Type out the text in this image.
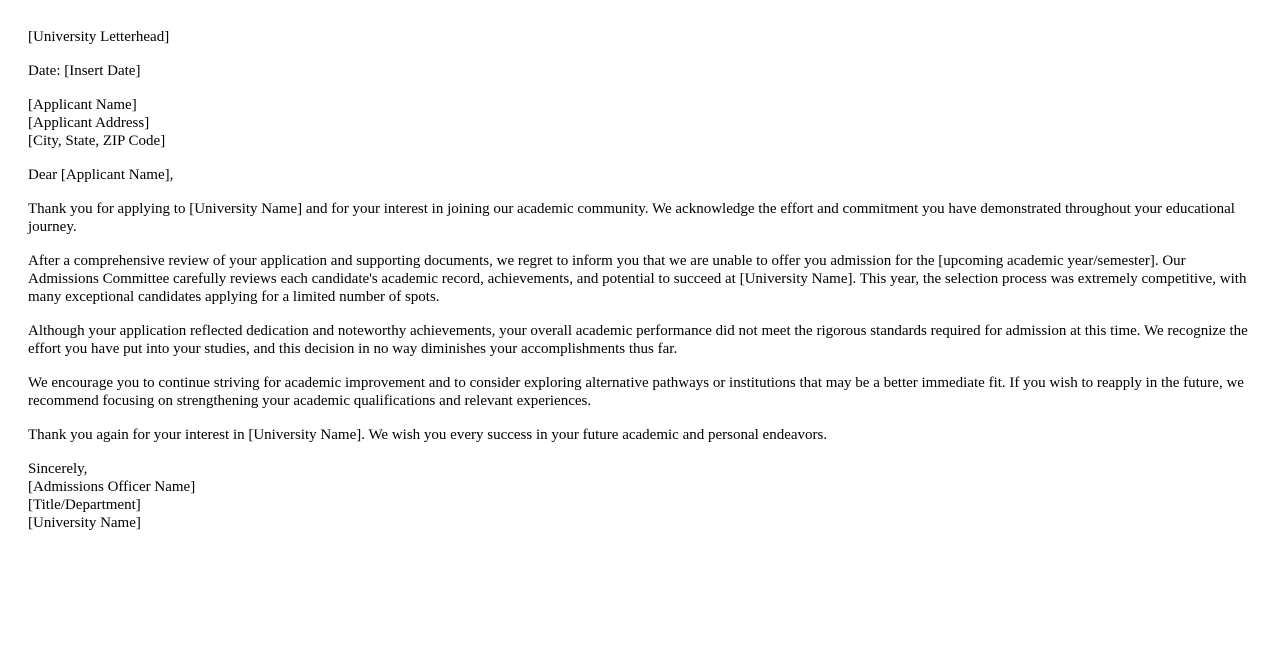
[University Letterhead]
Date: [Insert Date]
[Applicant Name]
[Applicant Address]
[City, State, ZIP Code]
Dear [Applicant Name],

Thank you for applying to [University Name] and for your interest in joining our academic community. We acknowledge the effort and commitment you have demonstrated throughout your educational journey.

After a comprehensive review of your application and supporting documents, we regret to inform you that we are unable to offer you admission for the [upcoming academic year/semester]. Our Admissions Committee carefully reviews each candidate's academic record, achievements, and potential to succeed at [University Name]. This year, the selection process was extremely competitive, with many exceptional candidates applying for a limited number of spots.

Although your application reflected dedication and noteworthy achievements, your overall academic performance did not meet the rigorous standards required for admission at this time. We recognize the effort you have put into your studies, and this decision in no way diminishes your accomplishments thus far.

We encourage you to continue striving for academic improvement and to consider exploring alternative pathways or institutions that may be a better immediate fit. If you wish to reapply in the future, we recommend focusing on strengthening your academic qualifications and relevant experiences.

Thank you again for your interest in [University Name]. We wish you every success in your future academic and personal endeavors.

Sincerely,
[Admissions Officer Name]
[Title/Department]
[University Name]
